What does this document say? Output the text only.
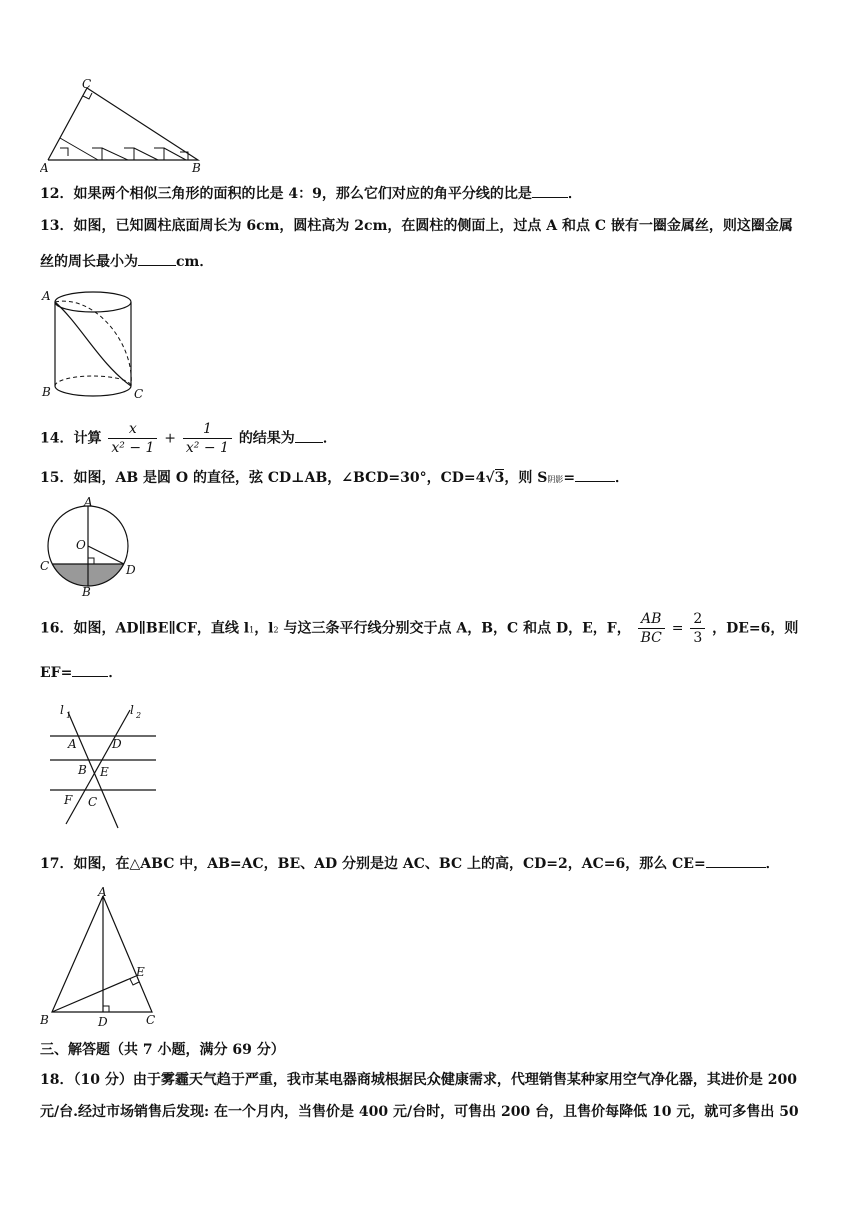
C
A	B
12．如果两个相似三角形的面积的比是 4：9，那么它们对应的角平分线的比是	．
13．如图，已知圆柱底面周长为 6cm，圆柱高为 2cm，在圆柱的侧面上，过点 A 和点 C 嵌有一圈金属丝，则这圈金属
丝的周长最小为	cm．
A
B	C
14．计算 $\frac{x}{\text{x² − 1}} + \frac{1}{\text{x² − 1}}$ 的结果为 ．
15．如图，AB 是圆 O 的直径，弦 CD⊥AB，∠BCD=30°，CD=4√3，则 S阴影=	．
A
O
C	D
B
16．如图，AD∥BE∥CF，直线 l1，l2 与这三条平行线分别交于点 A，B，C 和点 D，E，F， $\frac{AB}{BC} = \frac{2}{3}$ ，DE=6，则
EF=	．
l 1	l 2
A	D
B E
F C
17．如图，在△ABC 中，AB=AC，BE、AD 分别是边 AC、BC 上的高，CD=2，AC=6，那么 CE=	．
A
E
B	D	C
三、解答题（共 7 小题，满分 69 分）
18．（10 分）由于雾霾天气趋于严重，我市某电器商城根据民众健康需求，代理销售某种家用空气净化器，其进价是 200
元/台.经过市场销售后发现: 在一个月内，当售价是 400 元/台时，可售出 200 台，且售价每降低 10 元，就可多售出 50
